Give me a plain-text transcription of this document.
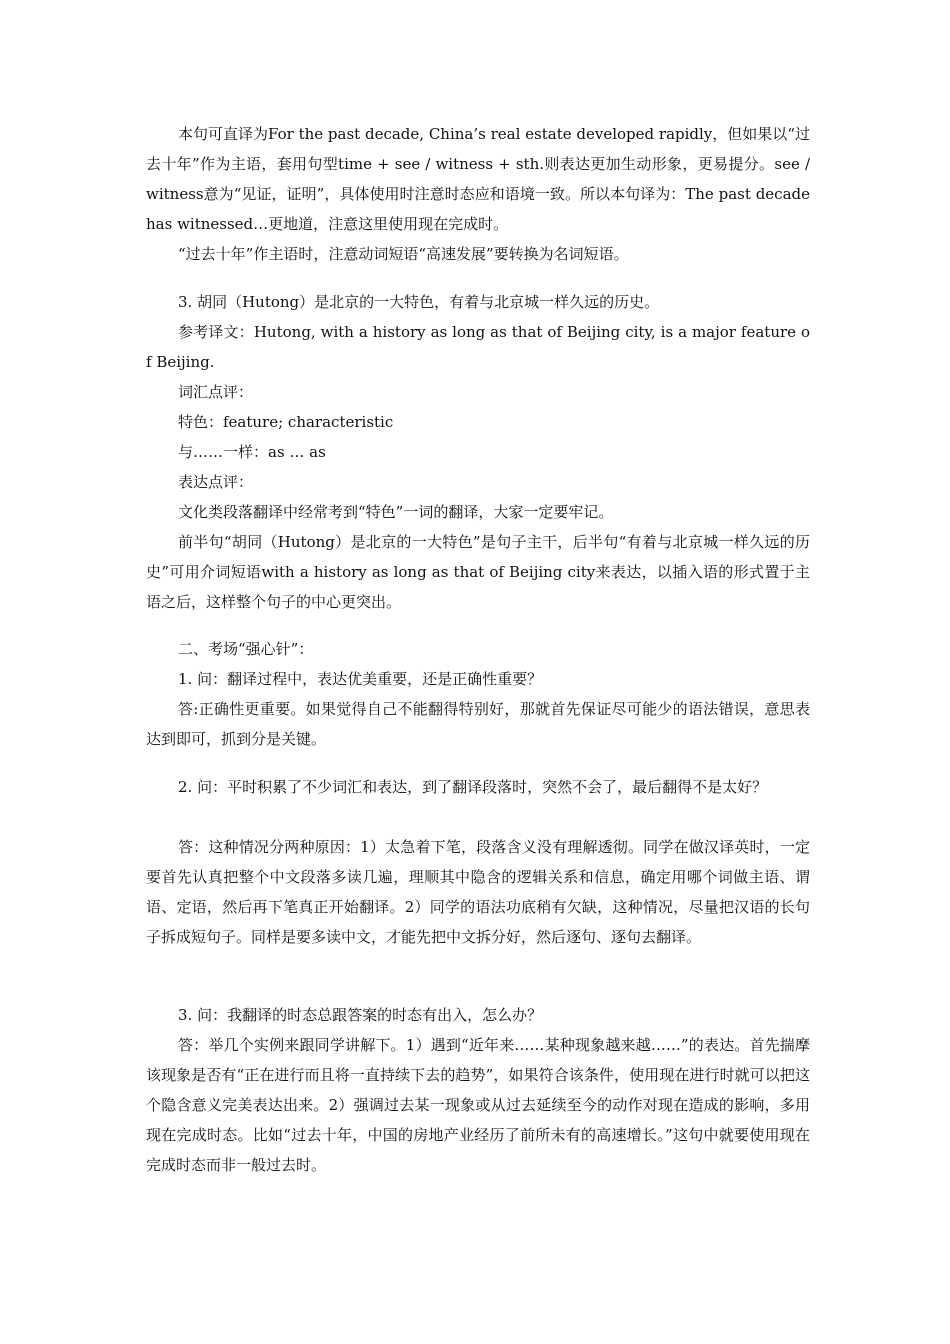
本句可直译为For the past decade, China’s real estate developed rapidly，但如果以“过去十年”作为主语，套用句型time + see / witness + sth.则表达更加生动形象，更易提分。see / witness意为“见证，证明”，具体使用时注意时态应和语境一致。所以本句译为：The past decade has witnessed…更地道，注意这里使用现在完成时。

“过去十年”作主语时，注意动词短语“高速发展”要转换为名词短语。

3. 胡同（Hutong）是北京的一大特色，有着与北京城一样久远的历史。

参考译文：Hutong, with a history as long as that of Beijing city, is a major feature of Beijing.

词汇点评：

特色：feature; characteristic

与……一样：as … as

表达点评：

文化类段落翻译中经常考到“特色”一词的翻译，大家一定要牢记。

前半句“胡同（Hutong）是北京的一大特色”是句子主干，后半句“有着与北京城一样久远的历史”可用介词短语with a history as long as that of Beijing city来表达，以插入语的形式置于主语之后，这样整个句子的中心更突出。

二、考场“强心针”：

1. 问：翻译过程中，表达优美重要，还是正确性重要？

答:正确性更重要。如果觉得自己不能翻得特别好，那就首先保证尽可能少的语法错误，意思表达到即可，抓到分是关键。

2. 问：平时积累了不少词汇和表达，到了翻译段落时，突然不会了，最后翻得不是太好？

答：这种情况分两种原因：1）太急着下笔，段落含义没有理解透彻。同学在做汉译英时，一定要首先认真把整个中文段落多读几遍，理顺其中隐含的逻辑关系和信息，确定用哪个词做主语、谓语、定语，然后再下笔真正开始翻译。2）同学的语法功底稍有欠缺，这种情况，尽量把汉语的长句子拆成短句子。同样是要多读中文，才能先把中文拆分好，然后逐句、逐句去翻译。

3. 问：我翻译的时态总跟答案的时态有出入，怎么办？

答：举几个实例来跟同学讲解下。1）遇到“近年来……某种现象越来越……”的表达。首先揣摩该现象是否有“正在进行而且将一直持续下去的趋势”，如果符合该条件，使用现在进行时就可以把这个隐含意义完美表达出来。2）强调过去某一现象或从过去延续至今的动作对现在造成的影响，多用现在完成时态。比如“过去十年，中国的房地产业经历了前所未有的高速增长。”这句中就要使用现在完成时态而非一般过去时。
